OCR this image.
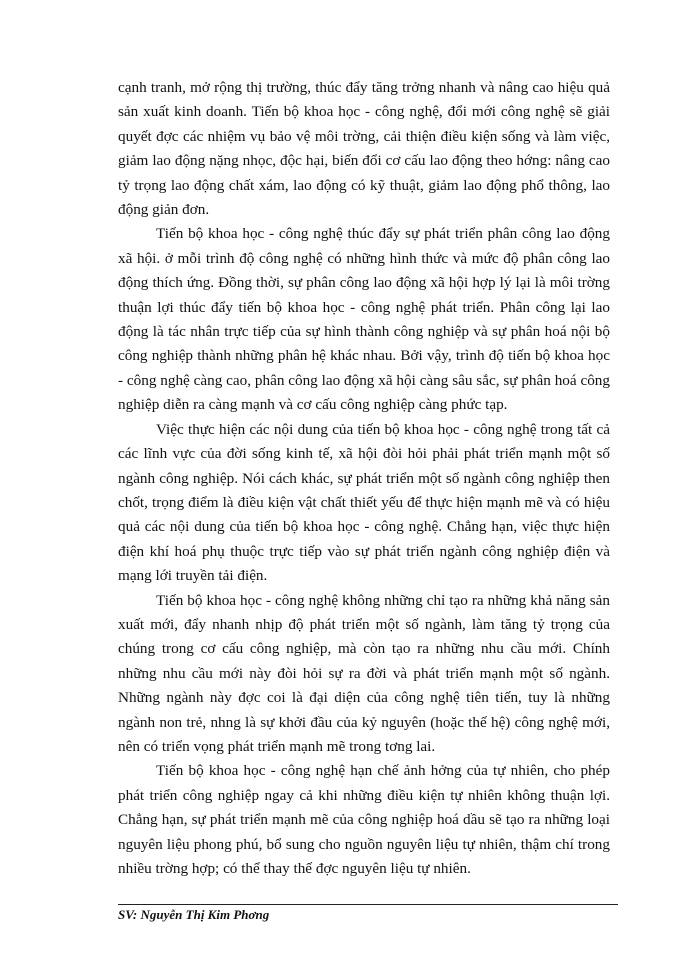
cạnh tranh, mở rộng thị trường, thúc đẩy tăng trởng nhanh và nâng cao hiệu quả sản xuất kinh doanh. Tiến bộ khoa học - công nghệ, đổi mới công nghệ sẽ giải quyết đợc các nhiệm vụ bảo vệ môi trờng, cải thiện điều kiện sống và làm việc, giảm lao động nặng nhọc, độc hại, biến đổi cơ cấu lao động theo hớng: nâng cao tỷ trọng lao động chất xám, lao động có kỹ thuật, giảm lao động phổ thông, lao động giản đơn.

Tiến bộ khoa học - công nghệ thúc đẩy sự phát triển phân công lao động xã hội. ở mỗi trình độ công nghệ có những hình thức và mức độ phân công lao động thích ứng. Đồng thời, sự phân công lao động xã hội hợp lý lại là môi trờng thuận lợi thúc đẩy tiến bộ khoa học - công nghệ phát triển. Phân công lại lao động là tác nhân trực tiếp của sự hình thành công nghiệp và sự phân hoá nội bộ công nghiệp thành những phân hệ khác nhau. Bởi vậy, trình độ tiến bộ khoa học - công nghệ càng cao, phân công lao động xã hội càng sâu sắc, sự phân hoá công nghiệp diễn ra càng mạnh và cơ cấu công nghiệp càng phức tạp.

Việc thực hiện các nội dung của tiến bộ khoa học - công nghệ trong tất cả các lĩnh vực của đời sống kinh tế, xã hội đòi hỏi phải phát triển mạnh một số ngành công nghiệp. Nói cách khác, sự phát triển một số ngành công nghiệp then chốt, trọng điểm là điều kiện vật chất thiết yếu để thực hiện mạnh mẽ và có hiệu quả các nội dung của tiến bộ khoa học - công nghệ. Chẳng hạn, việc thực hiện điện khí hoá phụ thuộc trực tiếp vào sự phát triển ngành công nghiệp điện và mạng lới truyền tải điện.

Tiến bộ khoa học - công nghệ không những chỉ tạo ra những khả năng sản xuất mới, đẩy nhanh nhịp độ phát triển một số ngành, làm tăng tỷ trọng của chúng trong cơ cấu công nghiệp, mà còn tạo ra những nhu cầu mới. Chính những nhu cầu mới này đòi hỏi sự ra đời và phát triển mạnh một số ngành. Những ngành này đợc coi là đại diện của công nghệ tiên tiến, tuy là những ngành non trẻ, nhng là sự khởi đầu của kỷ nguyên (hoặc thế hệ) công nghệ mới, nên có triển vọng phát triển mạnh mẽ trong tơng lai.

Tiến bộ khoa học - công nghệ hạn chế ảnh hởng của tự nhiên, cho phép phát triển công nghiệp ngay cả khi những điều kiện tự nhiên không thuận lợi. Chẳng hạn, sự phát triển mạnh mẽ của công nghiệp hoá dầu sẽ tạo ra những loại nguyên liệu phong phú, bổ sung cho nguồn nguyên liệu tự nhiên, thậm chí trong nhiều trờng hợp; có thể thay thế đợc nguyên liệu tự nhiên.

SV: Nguyễn Thị Kim Phơng
